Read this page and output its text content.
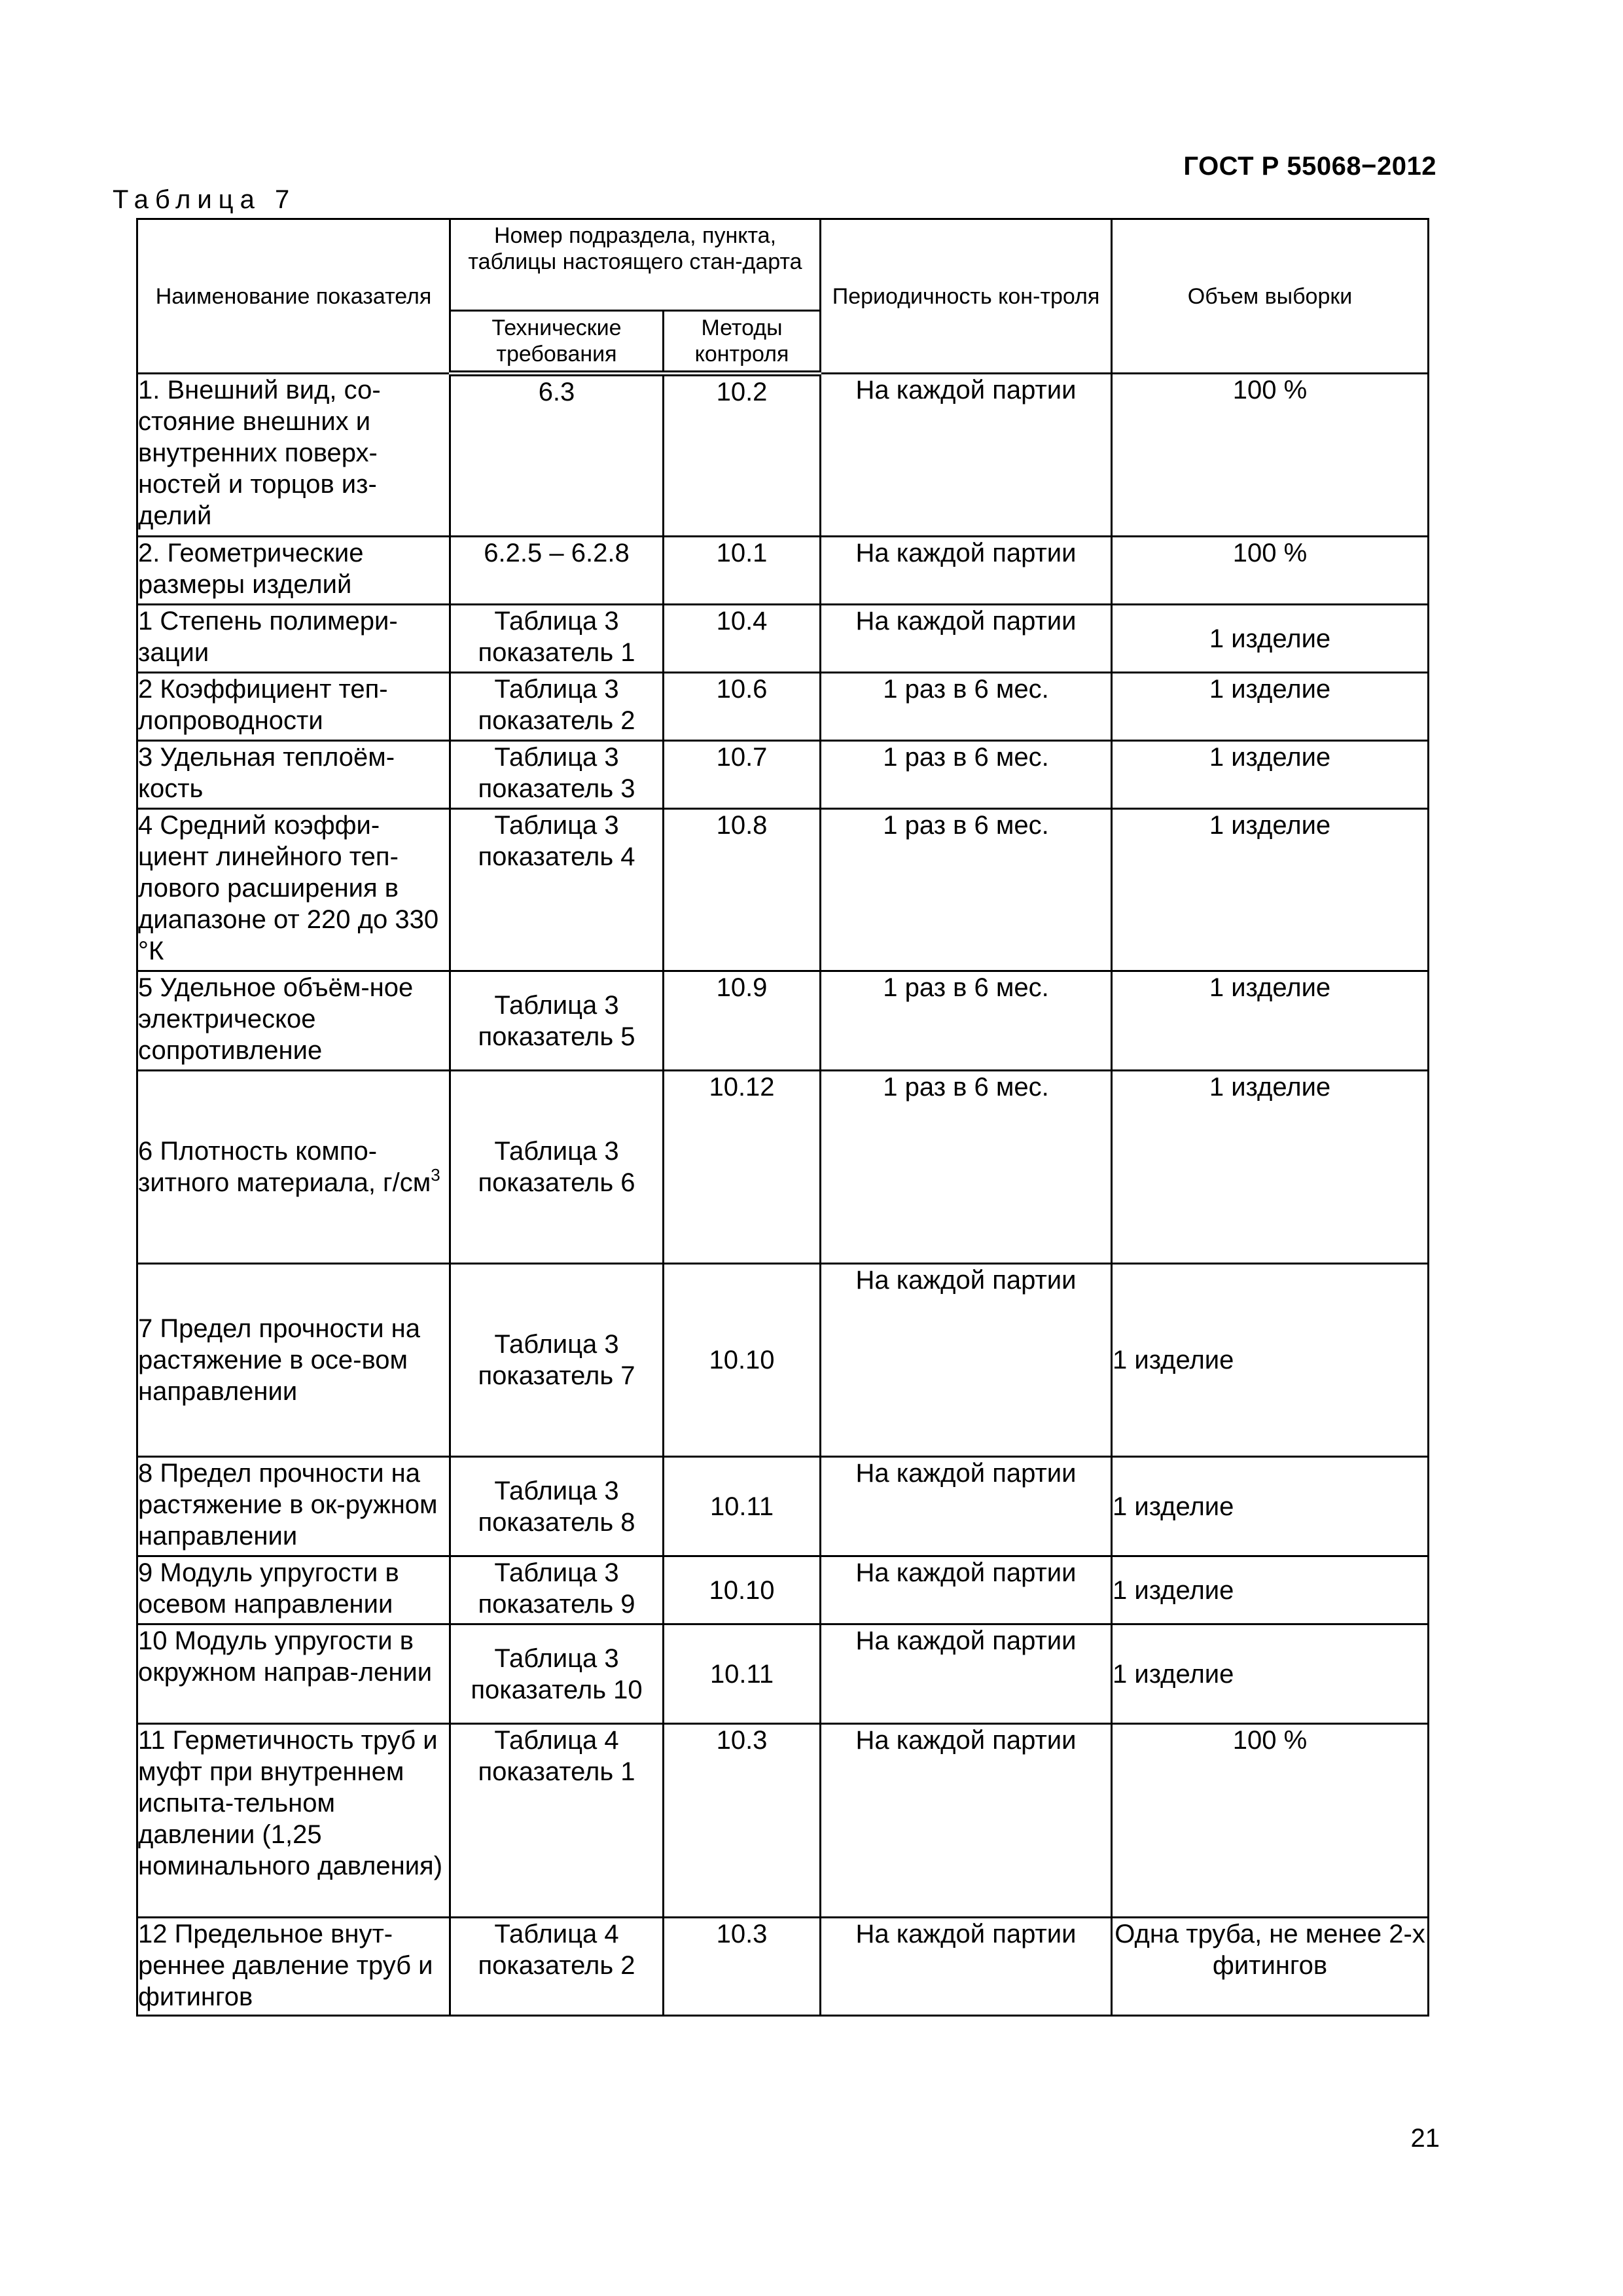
ГОСТ Р 55068−2012
Таблица 7
Наименование показателя	Номер подраздела, пункта, таблицы настоящего стан-дарта		Периодичность кон-троля	Объем выборки
	Технические требования	Методы контроля		
1. Внешний вид, со-стояние внешних и внутренних поверх-ностей и торцов из-делий	6.3	10.2	На каждой партии	100 %
2. Геометрические размеры изделий	6.2.5 – 6.2.8	10.1	На каждой партии	100 %
1 Степень полимери-зации	Таблица 3 показатель 1	10.4	На каждой партии	1 изделие
2 Коэффициент теп-лопроводности	Таблица 3 показатель 2	10.6	1 раз в 6 мес.	1 изделие
3 Удельная теплоём-кость	Таблица 3 показатель 3	10.7	1 раз в 6 мес.	1 изделие
4 Средний коэффи-циент линейного теп-лового расширения в диапазоне от 220 до 330 °К	Таблица 3 показатель 4	10.8	1 раз в 6 мес.	1 изделие
5 Удельное объём-ное электрическое сопротивление	Таблица 3 показатель 5	10.9	1 раз в 6 мес.	1 изделие
6 Плотность компо-зитного материала, $г/см^3$	Таблица 3 показатель 6	10.12	1 раз в 6 мес.	1 изделие
7 Предел прочности на растяжение в осе-вом направлении	Таблица 3 показатель 7	10.10	На каждой партии	1 изделие
8 Предел прочности на растяжение в ок-ружном направлении	Таблица 3 показатель 8	10.11	На каждой партии	1 изделие
9 Модуль упругости в осевом направлении	Таблица 3 показатель 9	10.10	На каждой партии	1 изделие
10 Модуль упругости в окружном направ-лении	Таблица 3 показатель 10	10.11	На каждой партии	1 изделие
11 Герметичность труб и муфт при внутреннем испыта-тельном давлении (1,25 номинального давления)	Таблица 4 показатель 1	10.3	На каждой партии	100 %
12 Предельное внут-реннее давление труб и фитингов	Таблица 4 показатель 2	10.3	На каждой партии	Одна труба, не менее 2-х фитингов
21
